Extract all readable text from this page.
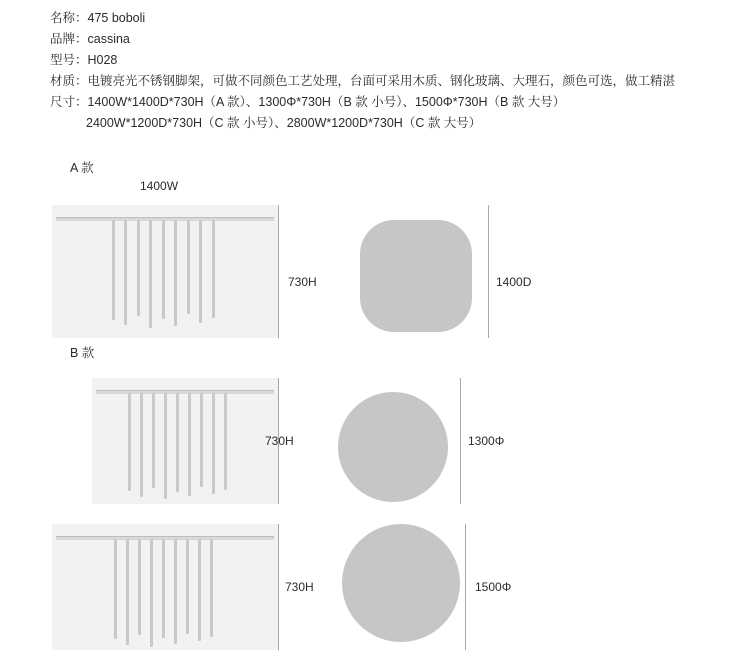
名称：475 boboli
品牌：cassina
型号：H028
材质：电镀亮光不锈钢脚架，可做不同颜色工艺处理，台面可采用木质、钢化玻璃、大理石，颜色可选，做工精湛
尺寸：1400W*1400D*730H（A 款）、1300Φ*730H（B 款 小号）、1500Φ*730H（B 款 大号）
2400W*1200D*730H（C 款 小号）、2800W*1200D*730H（C 款 大号）
A 款
1400W
B 款
730H	1400D
730H	1300Φ
730H	1500Φ
